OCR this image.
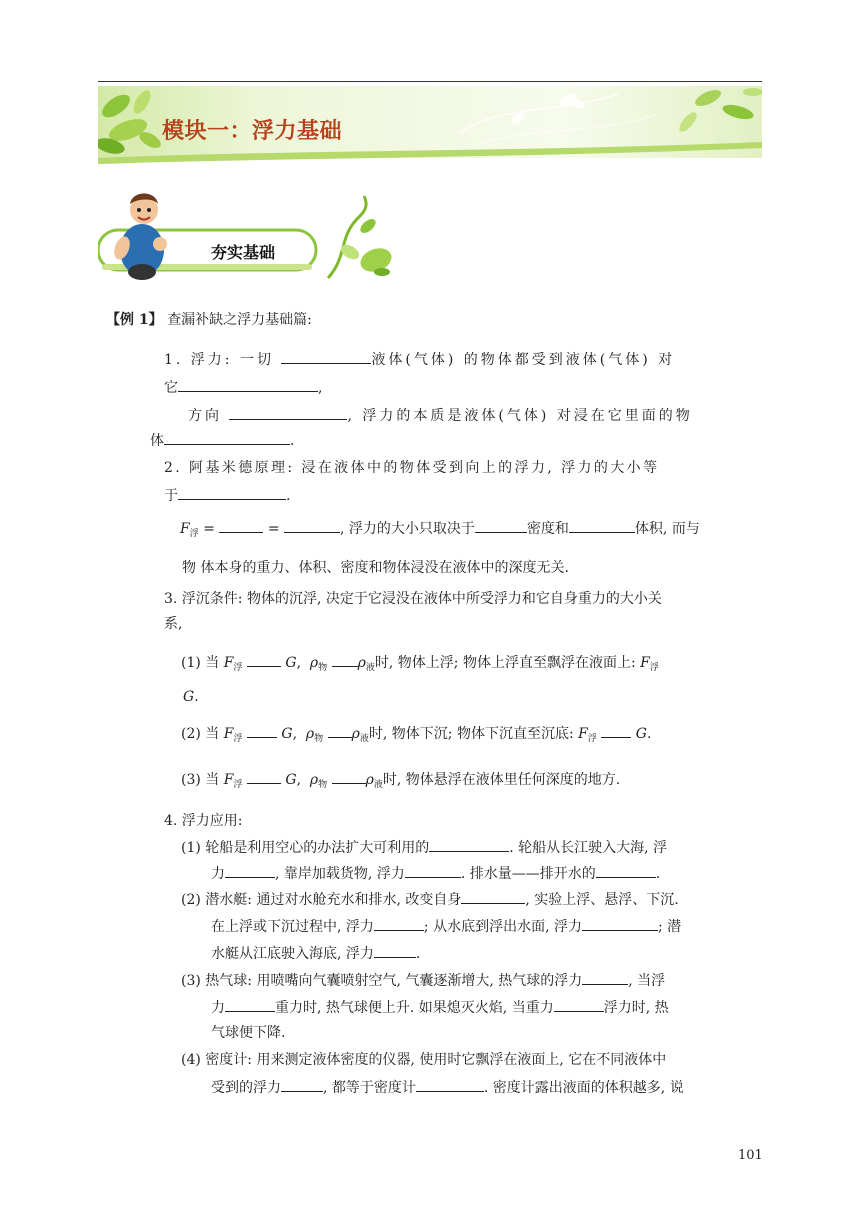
模块一：浮力基础
夯实基础
【例 1】 查漏补缺之浮力基础篇:
1. 浮力: 一切	液体(气体) 的物体都受到液体(气体) 对
它	,
方向	, 浮力的本质是液体(气体) 对浸在它里面的物
体	.
2. 阿基米德原理: 浸在液体中的物体受到向上的浮力, 浮力的大小等
于	.
$F_浮$ =	=	, 浮力的大小只取决于	密度和	体积, 而与
物 体本身的重力、体积、密度和物体浸没在液体中的深度无关.
3. 浮沉条件: 物体的沉浮, 决定于它浸没在液体中所受浮力和它自身重力的大小关
系,
(1) 当 $F_浮$	G, $\rho_物$ $\rho_液$时, 物体上浮; 物体上浮直至飘浮在液面上: $F_浮$
G.
(2) 当 $F_浮$	G, $\rho_物$ $\rho_液$时, 物体下沉; 物体下沉直至沉底: $F_浮$	G.
(3) 当 $F_浮$	G, $\rho_物$	$\rho_液$时, 物体悬浮在液体里任何深度的地方.
4. 浮力应用:
(1) 轮船是利用空心的办法扩大可利用的	. 轮船从长江驶入大海, 浮
力	, 靠岸加载货物, 浮力	. 排水量——排开水的	.
(2) 潜水艇: 通过对水舱充水和排水, 改变自身	, 实验上浮、悬浮、下沉.
在上浮或下沉过程中, 浮力	; 从水底到浮出水面, 浮力	; 潜
水艇从江底驶入海底, 浮力	.
(3) 热气球: 用喷嘴向气囊喷射空气, 气囊逐渐增大, 热气球的浮力	, 当浮
力	重力时, 热气球便上升. 如果熄灭火焰, 当重力	浮力时, 热
气球便下降.
(4) 密度计: 用来测定液体密度的仪器, 使用时它飘浮在液面上, 它在不同液体中
受到的浮力	, 都等于密度计	. 密度计露出液面的体积越多, 说
101
